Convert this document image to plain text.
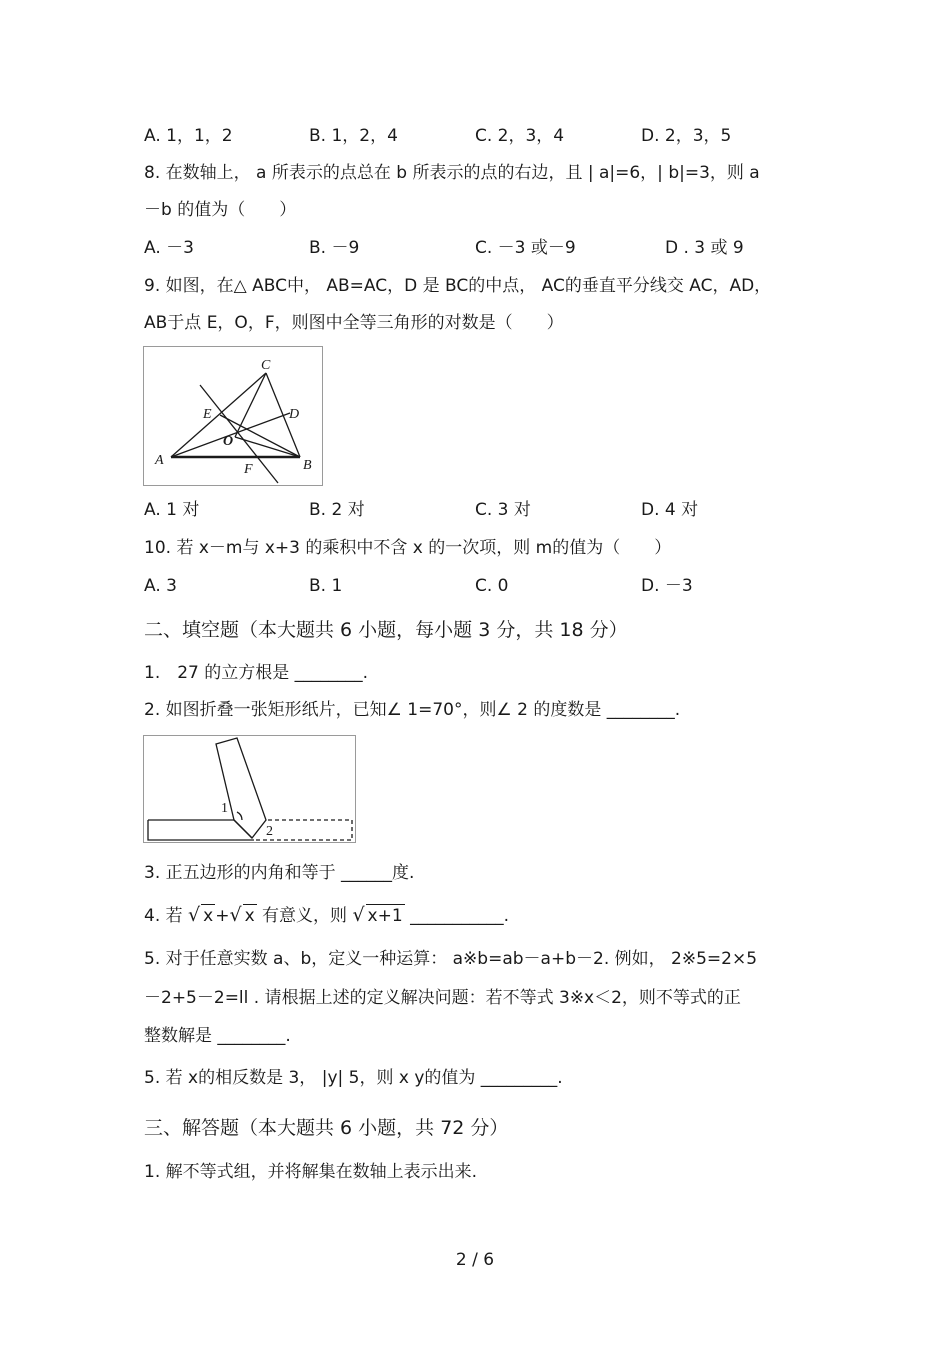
A. 1，1，2	B. 1，2，4	C. 2，3，4	D. 2，3，5
8. 在数轴上， a 所表示的点总在 b 所表示的点的右边，且 | a|=6，| b|=3，则 a
－b 的值为（　　）
A. －3	B. －9	C. －3 或－9	D . 3 或 9
9. 如图，在△ ABC中， AB=AC，D 是 BC的中点， AC的垂直平分线交 AC，AD，
AB于点 E，O，F，则图中全等三角形的对数是（　　）
A	B
C
D
E
F
O
A. 1 对	B. 2 对	C. 3 对	D. 4 对
10. 若 x－m与 x+3 的乘积中不含 x 的一次项，则 m的值为（　　）
A. 3	B. 1	C. 0	D. －3
二、填空题（本大题共 6 小题，每小题 3 分，共 18 分）
1.　27 的立方根是 ________.
2. 如图折叠一张矩形纸片，已知∠ 1=70°，则∠ 2 的度数是 ________.
1
2
3. 正五边形的内角和等于 ______度.
4. 若 √ x +√x 有意义，则 √ x+1 ___________.
5. 对于任意实数 a、b，定义一种运算： a※b=ab－a+b－2. 例如， 2※5=2×5
－2+5－2=ll . 请根据上述的定义解决问题：若不等式 3※x＜2，则不等式的正
整数解是 ________.
5. 若 x的相反数是 3， |y| 5，则 x y的值为 _________.
三、解答题（本大题共 6 小题，共 72 分）
1. 解不等式组，并将解集在数轴上表示出来.
2 / 6
